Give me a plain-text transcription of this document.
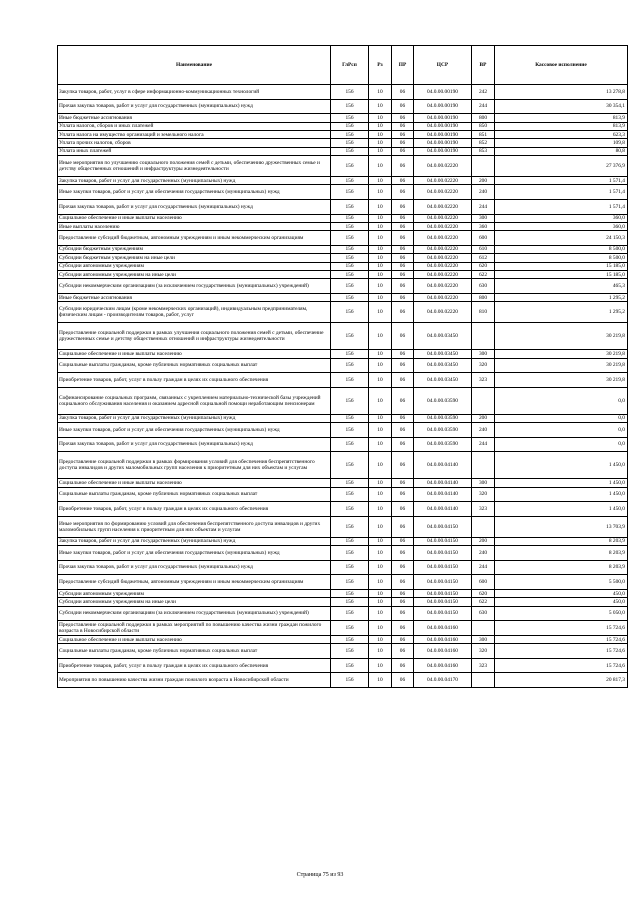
Наименование	ГлРсп	Рз	ПР	ЦСР	ВР	Кассовое исполнение
Закупка товаров, работ, услуг в сфере информационно-коммуникационных технологий	156	10	06	04.0.00.00190	242	13 278,8
Прочая закупка товаров, работ и услуг для государственных (муниципальных) нужд	156	10	06	04.0.00.00190	244	30 354,1
Иные бюджетные ассигнования	156	10	06	04.0.00.00190	800	813,9
Уплата налогов, сборов и иных платежей	156	10	06	04.0.00.00190	850	813,9
Уплата налога на имущество организаций и земельного налога	156	10	06	04.0.00.00190	851	623,3
Уплата прочих налогов, сборов	156	10	06	04.0.00.00190	852	109,8
Уплата иных платежей	156	10	06	04.0.00.00190	853	80,8
Иные мероприятия по улучшению социального положения семей с детьми, обеспечению дружественных семье и детству общественных отношений и инфраструктуры жизнедеятельности	156	10	06	04.0.00.02220		27 376,9
Закупка товаров, работ и услуг для государственных (муниципальных) нужд	156	10	06	04.0.00.02220	200	1 571,4
Иные закупки товаров, работ и услуг для обеспечения государственных (муниципальных) нужд	156	10	06	04.0.00.02220	240	1 571,4
Прочая закупка товаров, работ и услуг для государственных (муниципальных) нужд	156	10	06	04.0.00.02220	244	1 571,4
Социальное обеспечение и иные выплаты населению	156	10	06	04.0.00.02220	300	360,0
Иные выплаты населению	156	10	06	04.0.00.02220	360	360,0
Предоставление субсидий бюджетным, автономным учреждениям и иным некоммерческим организациям	156	10	06	04.0.00.02220	600	24 150,3
Субсидии бюджетным учреждениям	156	10	06	04.0.00.02220	610	8 500,0
Субсидии бюджетным учреждениям на иные цели	156	10	06	04.0.00.02220	612	8 500,0
Субсидии автономным учреждениям	156	10	06	04.0.00.02220	620	15 185,0
Субсидии автономным учреждениям на иные цели	156	10	06	04.0.00.02220	622	15 185,0
Субсидии некоммерческим организациям (за исключением государственных (муниципальных) учреждений)	156	10	06	04.0.00.02220	630	465,3
Иные бюджетные ассигнования	156	10	06	04.0.00.02220	800	1 295,2
Субсидии юридическим лицам (кроме некоммерческих организаций), индивидуальным предпринимателям, физическим лицам - производителям товаров, работ, услуг	156	10	06	04.0.00.02220	810	1 295,2
Предоставление социальной поддержки в рамках улучшения социального положения семей с детьми, обеспечение дружественных семье и детству общественных отношений и инфраструктуры жизнедеятельности	156	10	06	04.0.00.03450		30 219,8
Социальное обеспечение и иные выплаты населению	156	10	06	04.0.00.03450	300	30 219,8
Социальные выплаты гражданам, кроме публичных нормативных социальных выплат	156	10	06	04.0.00.03450	320	30 219,8
Приобретение товаров, работ, услуг в пользу граждан в целях их социального обеспечения	156	10	06	04.0.00.03450	323	30 219,8
Софинансирование социальных программ, связанных с укреплением материально-технической базы учреждений социального обслуживания населения и оказанием адресной социальной помощи неработающим пенсионерам	156	10	06	04.0.00.03590		0,0
Закупка товаров, работ и услуг для государственных (муниципальных) нужд	156	10	06	04.0.00.03590	200	0,0
Иные закупки товаров, работ и услуг для обеспечения государственных (муниципальных) нужд	156	10	06	04.0.00.03590	240	0,0
Прочая закупка товаров, работ и услуг для государственных (муниципальных) нужд	156	10	06	04.0.00.03590	244	0,0
Предоставление социальной поддержки в рамках формирования условий для обеспечения беспрепятственного доступа инвалидов и других маломобильных групп населения к приоритетным для них объектам и услугам	156	10	06	04.0.00.04140		1 450,0
Социальное обеспечение и иные выплаты населению	156	10	06	04.0.00.04140	300	1 450,0
Социальные выплаты гражданам, кроме публичных нормативных социальных выплат	156	10	06	04.0.00.04140	320	1 450,0
Приобретение товаров, работ, услуг в пользу граждан в целях их социального обеспечения	156	10	06	04.0.00.04140	323	1 450,0
Иные мероприятия по формированию условий для обеспечения беспрепятственного доступа инвалидов и других маломобильных групп населения к приоритетным для них объектам и услугам	156	10	06	04.0.00.04150		13 703,9
Закупка товаров, работ и услуг для государственных (муниципальных) нужд	156	10	06	04.0.00.04150	200	8 203,9
Иные закупки товаров, работ и услуг для обеспечения государственных (муниципальных) нужд	156	10	06	04.0.00.04150	240	8 203,9
Прочая закупка товаров, работ и услуг для государственных (муниципальных) нужд	156	10	06	04.0.00.04150	244	8 203,9
Предоставление субсидий бюджетным, автономным учреждениям и иным некоммерческим организациям	156	10	06	04.0.00.04150	600	5 500,0
Субсидии автономным учреждениям	156	10	06	04.0.00.04150	620	450,0
Субсидии автономным учреждениям на иные цели	156	10	06	04.0.00.04150	622	450,0
Субсидии некоммерческим организациям (за исключением государственных (муниципальных) учреждений)	156	10	06	04.0.00.04150	630	5 050,0
Предоставление социальной поддержки в рамках мероприятий по повышению качества жизни граждан пожилого возраста в Новосибирской области	156	10	06	04.0.00.04160		15 724,6
Социальное обеспечение и иные выплаты населению	156	10	06	04.0.00.04160	300	15 724,6
Социальные выплаты гражданам, кроме публичных нормативных социальных выплат	156	10	06	04.0.00.04160	320	15 724,6
Приобретение товаров, работ, услуг в пользу граждан в целях их социального обеспечения	156	10	06	04.0.00.04160	323	15 724,6
Мероприятия по повышению качества жизни граждан пожилого возраста в Новосибирской области	156	10	06	04.0.00.04170		20 817,3
Страница 75 из 93
